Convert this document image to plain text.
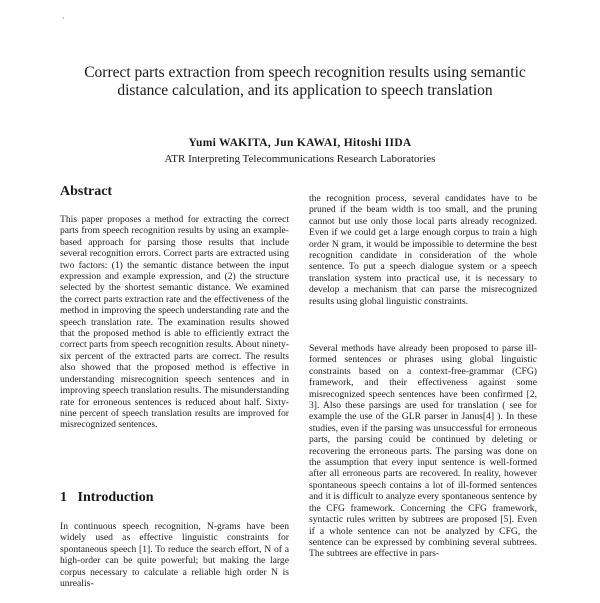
·
Correct parts extraction from speech recognition results using semantic distance calculation, and its application to speech translation
Yumi WAKITA, Jun KAWAI, Hitoshi IIDA
ATR Interpreting Telecommunications Research Laboratories
Abstract

This paper proposes a method for extracting the correct parts from speech recognition results by using an example-based approach for parsing those results that include several recognition errors. Correct parts are extracted using two factors: (1) the semantic distance between the input expression and example expression, and (2) the structure selected by the shortest semantic distance. We examined the correct parts extraction rate and the effectiveness of the method in improving the speech understanding rate and the speech translation rate. The examination results showed that the proposed method is able to efficiently extract the correct parts from speech recognition results. About ninety-six percent of the extracted parts are correct. The results also showed that the proposed method is effective in understanding misrecognition speech sentences and in improving speech translation results. The misunderstanding rate for erroneous sentences is reduced about half. Sixty-nine percent of speech translation results are improved for misrecognized sentences.

1 Introduction

In continuous speech recognition, N-grams have been widely used as effective linguistic constraints for spontaneous speech [1]. To reduce the search effort, N of a high-order can be quite powerful; but making the large corpus necessary to calculate a reliable high order N is unrealis-

the recognition process, several candidates have to be pruned if the beam width is too small, and the pruning cannot but use only those local parts already recognized. Even if we could get a large enough corpus to train a high order N gram, it would be impossible to determine the best recognition candidate in consideration of the whole sentence. To put a speech dialogue system or a speech translation system into practical use, it is necessary to develop a mechanism that can parse the misrecognized results using global linguistic constraints.

Several methods have already been proposed to parse ill-formed sentences or phrases using global linguistic constraints based on a context-free-grammar (CFG) framework, and their effectiveness against some misrecognized speech sentences have been confirmed [2, 3]. Also these parsings are used for translation ( see for example the use of the GLR parser in Janus[4] ). In these studies, even if the parsing was unsuccessful for erroneous parts, the parsing could be continued by deleting or recovering the erroneous parts. The parsing was done on the assumption that every input sentence is well-formed after all erroneous parts are recovered. In reality, however spontaneous speech contains a lot of ill-formed sentences and it is difficult to analyze every spontaneous sentence by the CFG framework. Concerning the CFG framework, syntactic rules written by subtrees are proposed [5]. Even if a whole sentence can not be analyzed by CFG, the sentence can be expressed by combining several subtrees. The subtrees are effective in pars-
